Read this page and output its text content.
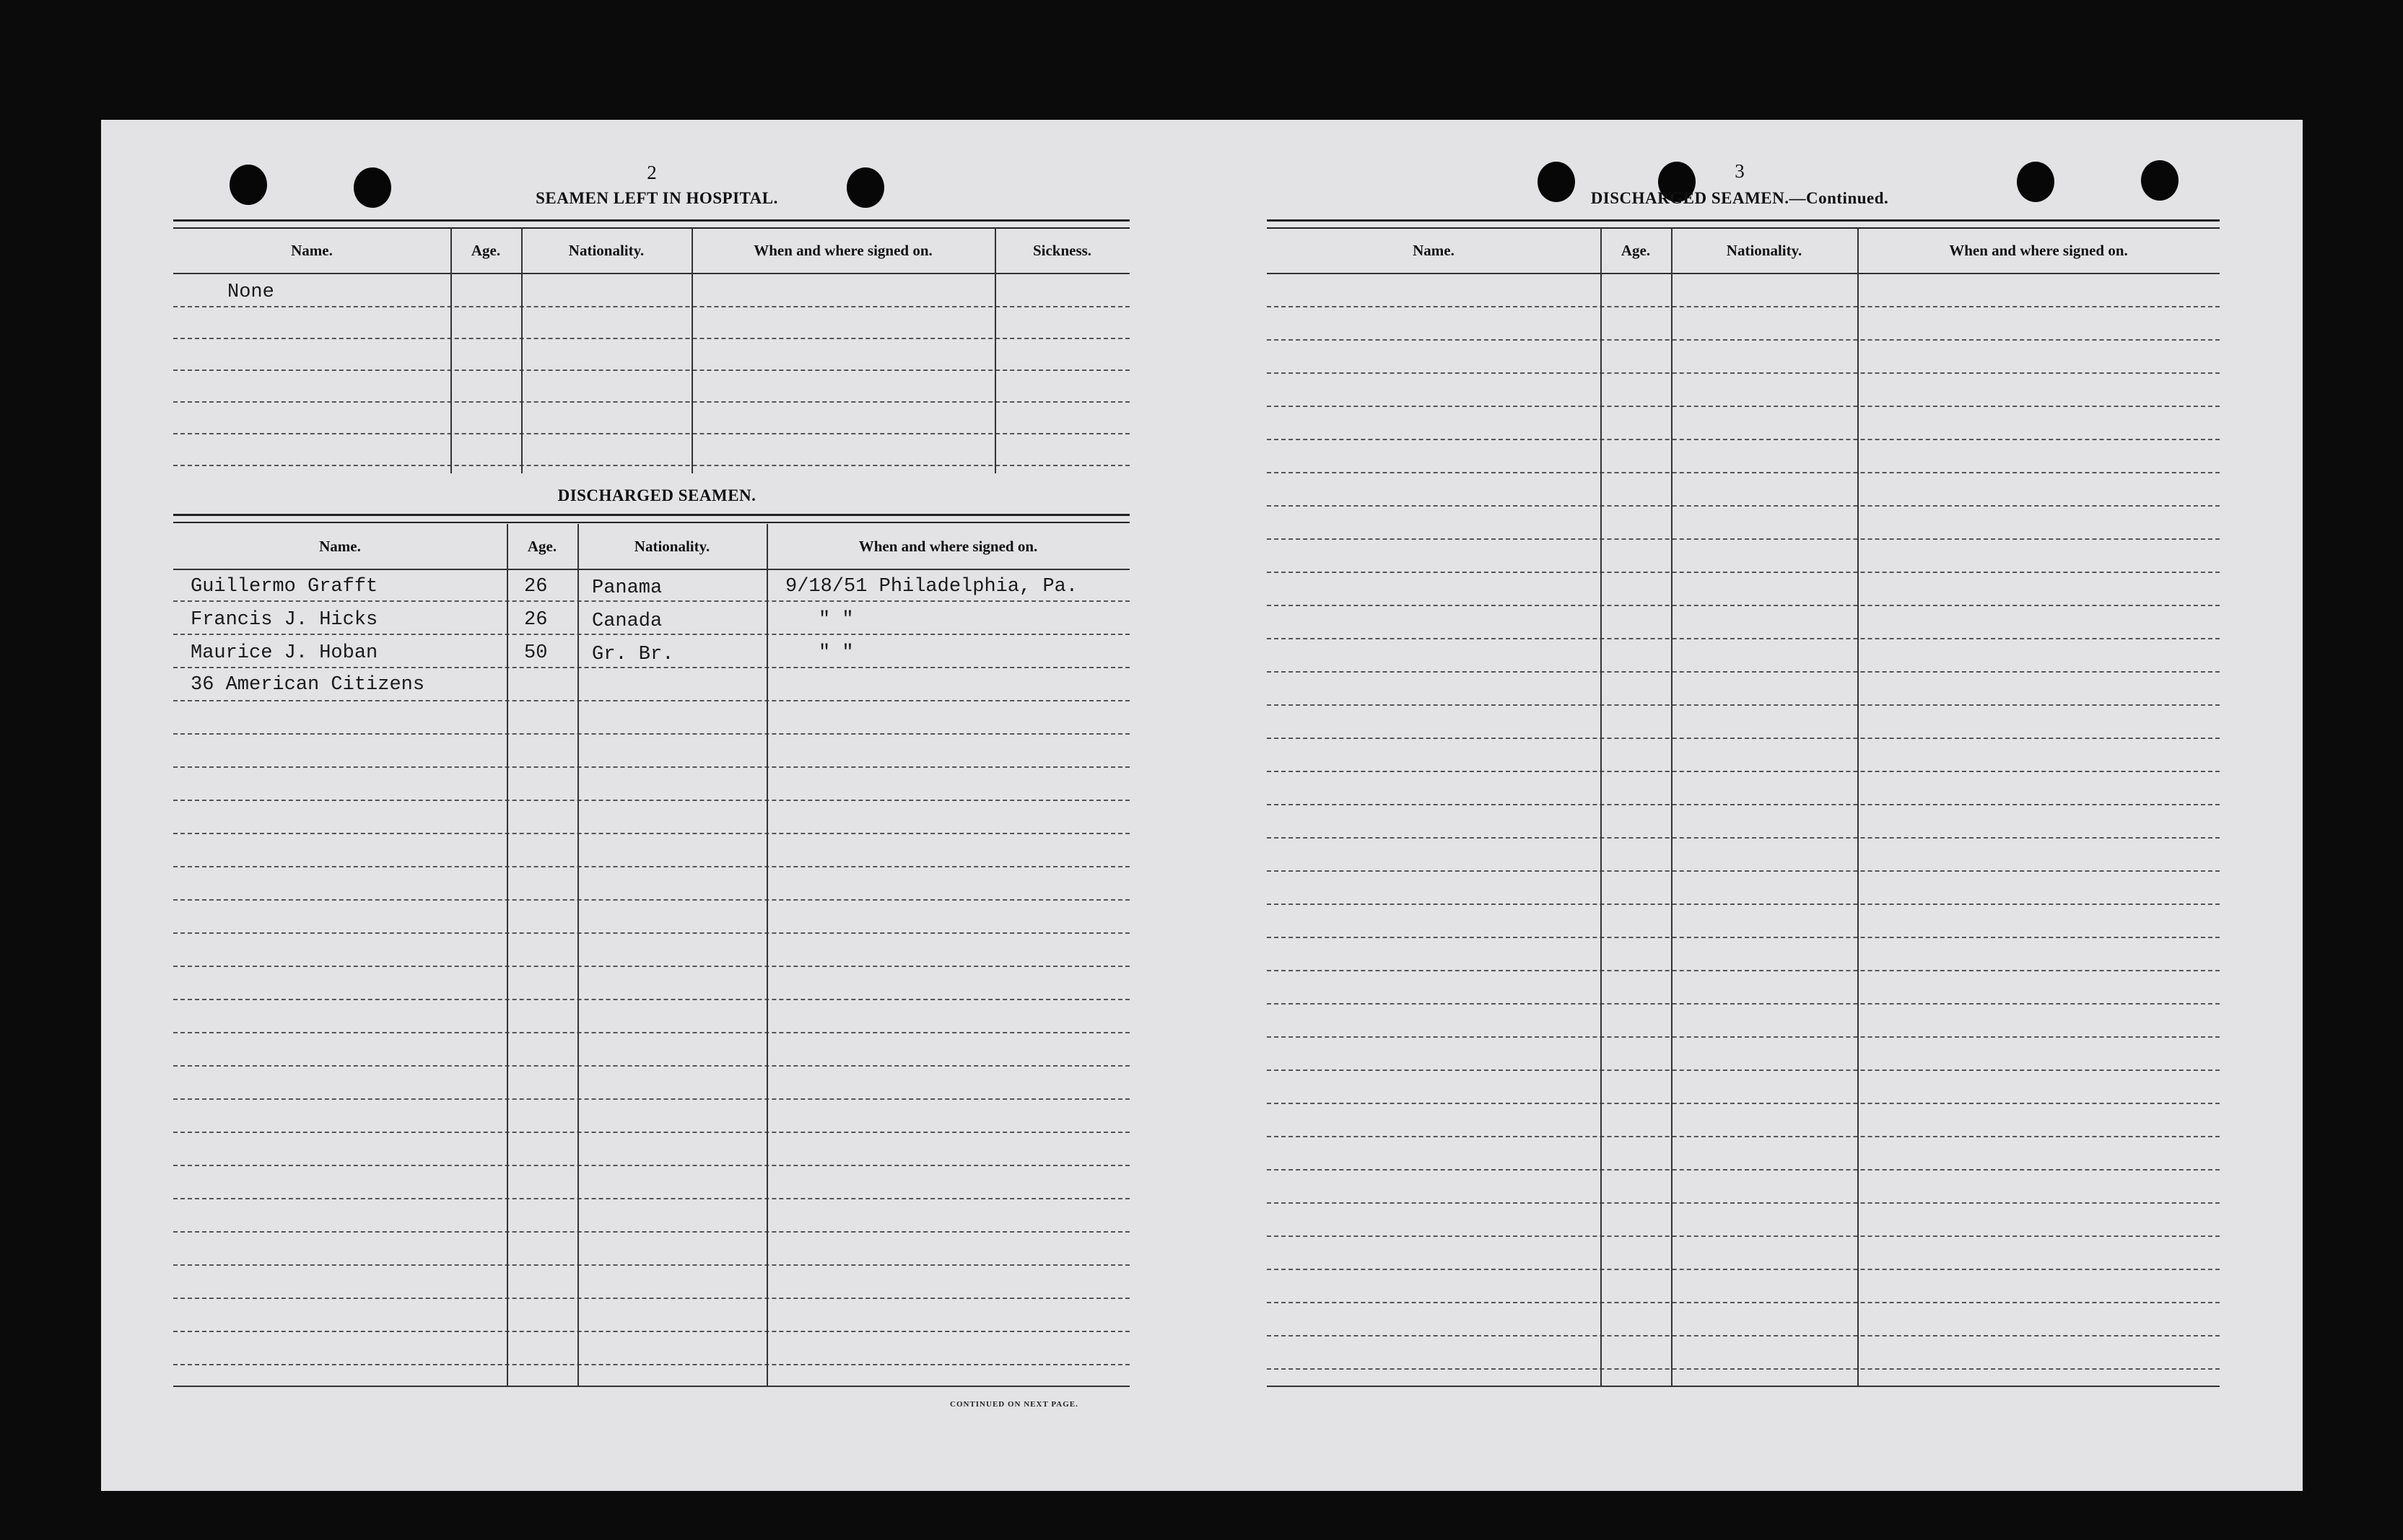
2
SEAMEN LEFT IN HOSPITAL.
Name.	Age.	Nationality.	When and where signed on.	Sickness.
None
DISCHARGED SEAMEN.
Name.	Age.	Nationality.	When and where signed on.
Guillermo Grafft	26 Panama	9/18/51 Philadelphia, Pa.
Francis J. Hicks	26 Canada	" "
Maurice J. Hoban	50 Gr. Br.	" "
36 American Citizens
CONTINUED ON NEXT PAGE.
3
DISCHARGED SEAMEN.—Continued.
Name.	Age.	Nationality.	When and where signed on.
